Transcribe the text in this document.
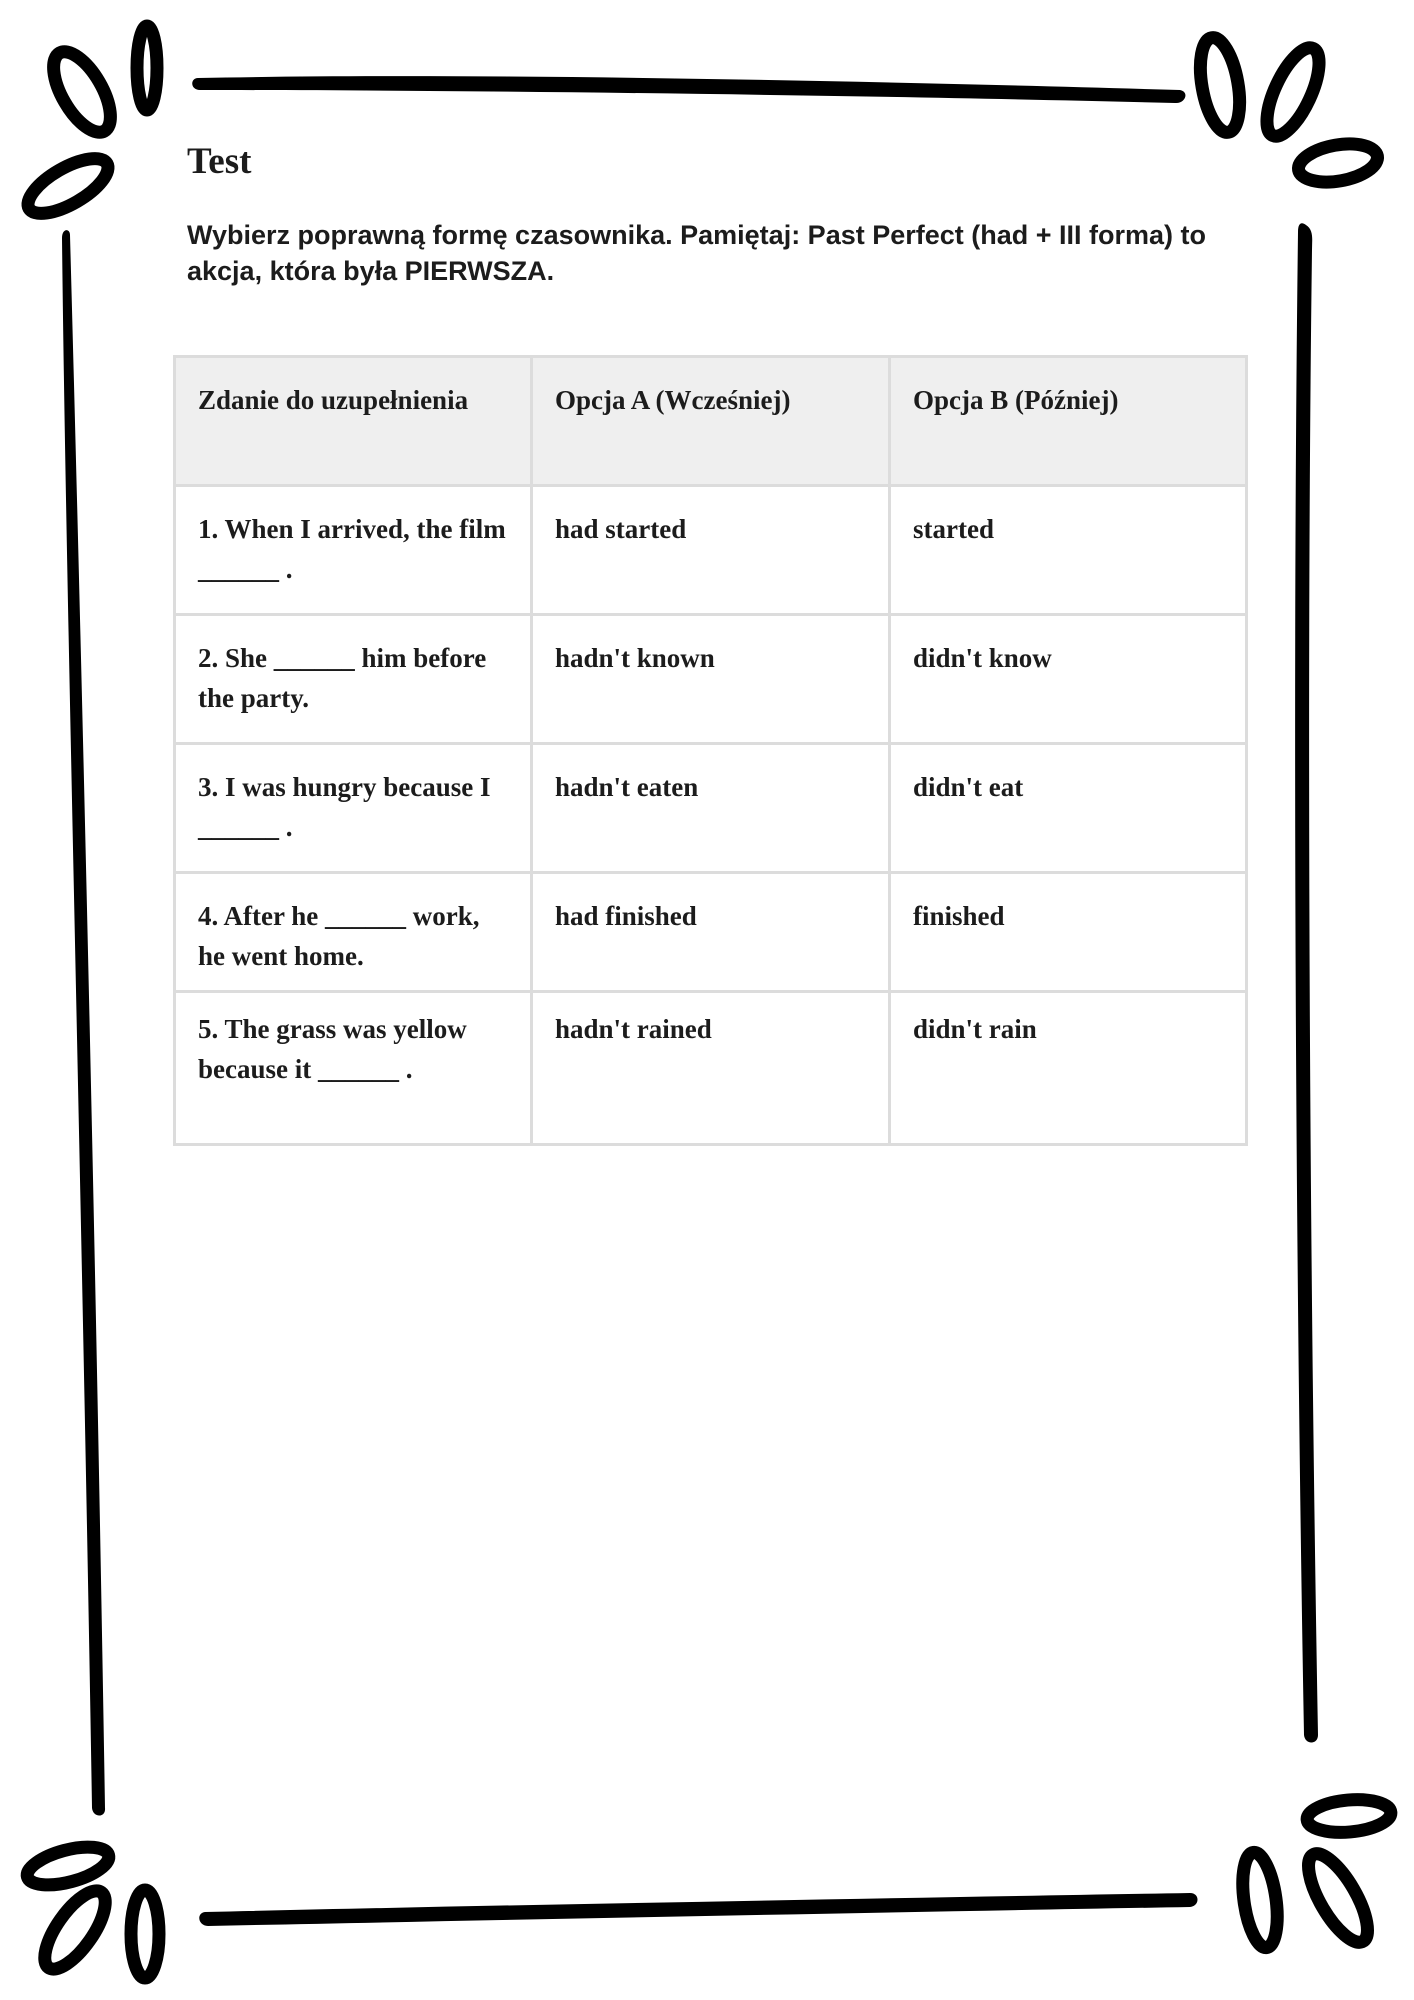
Test

Wybierz poprawną formę czasownika. Pamiętaj: Past Perfect (had + III forma) to akcja, która była PIERWSZA.

Zdanie do uzupełnienia	Opcja A (Wcześniej)	Opcja B (Później)
1. When I arrived, the film ______ .	had started	started
2. She ______ him before the party.	hadn't known	didn't know
3. I was hungry because I ______ .	hadn't eaten	didn't eat
4. After he ______ work, he went home.	had finished	finished
5. The grass was yellow because it ______ .	hadn't rained	didn't rain
